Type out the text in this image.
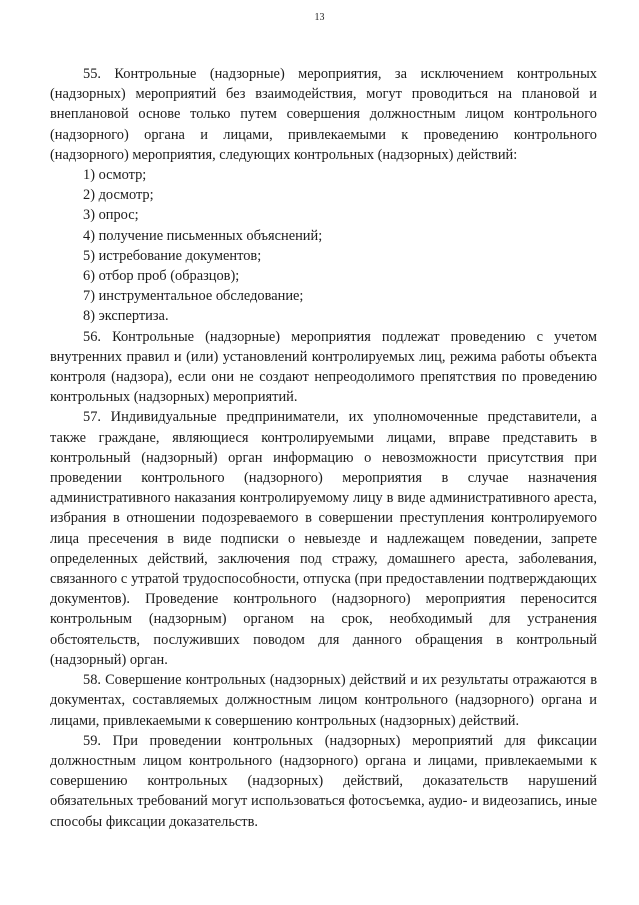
13

55. Контрольные (надзорные) мероприятия, за исключением контрольных (надзорных) мероприятий без взаимодействия, могут проводиться на плановой и внеплановой основе только путем совершения должностным лицом контрольного (надзорного) органа и лицами, привлекаемыми к проведению контрольного (надзорного) мероприятия, следующих контрольных (надзорных) действий:

1) осмотр;

2) досмотр;

3) опрос;

4) получение письменных объяснений;

5) истребование документов;

6) отбор проб (образцов);

7) инструментальное обследование;

8) экспертиза.

56. Контрольные (надзорные) мероприятия подлежат проведению с учетом внутренних правил и (или) установлений контролируемых лиц, режима работы объекта контроля (надзора), если они не создают непреодолимого препятствия по проведению контрольных (надзорных) мероприятий.

57. Индивидуальные предприниматели, их уполномоченные представители, а также граждане, являющиеся контролируемыми лицами, вправе представить в контрольный (надзорный) орган информацию о невозможности присутствия при проведении контрольного (надзорного) мероприятия в случае назначения административного наказания контролируемому лицу в виде административного ареста, избрания в отношении подозреваемого в совершении преступления контролируемого лица пресечения в виде подписки о невыезде и надлежащем поведении, запрете определенных действий, заключения под стражу, домашнего ареста, заболевания, связанного с утратой трудоспособности, отпуска (при предоставлении подтверждающих документов). Проведение контрольного (надзорного) мероприятия переносится контрольным (надзорным) органом на срок, необходимый для устранения обстоятельств, послуживших поводом для данного обращения в контрольный (надзорный) орган.

58. Совершение контрольных (надзорных) действий и их результаты отражаются в документах, составляемых должностным лицом контрольного (надзорного) органа и лицами, привлекаемыми к совершению контрольных (надзорных) действий.

59. При проведении контрольных (надзорных) мероприятий для фиксации должностным лицом контрольного (надзорного) органа и лицами, привлекаемыми к совершению контрольных (надзорных) действий, доказательств нарушений обязательных требований могут использоваться фотосъемка, аудио- и видеозапись, иные способы фиксации доказательств.
